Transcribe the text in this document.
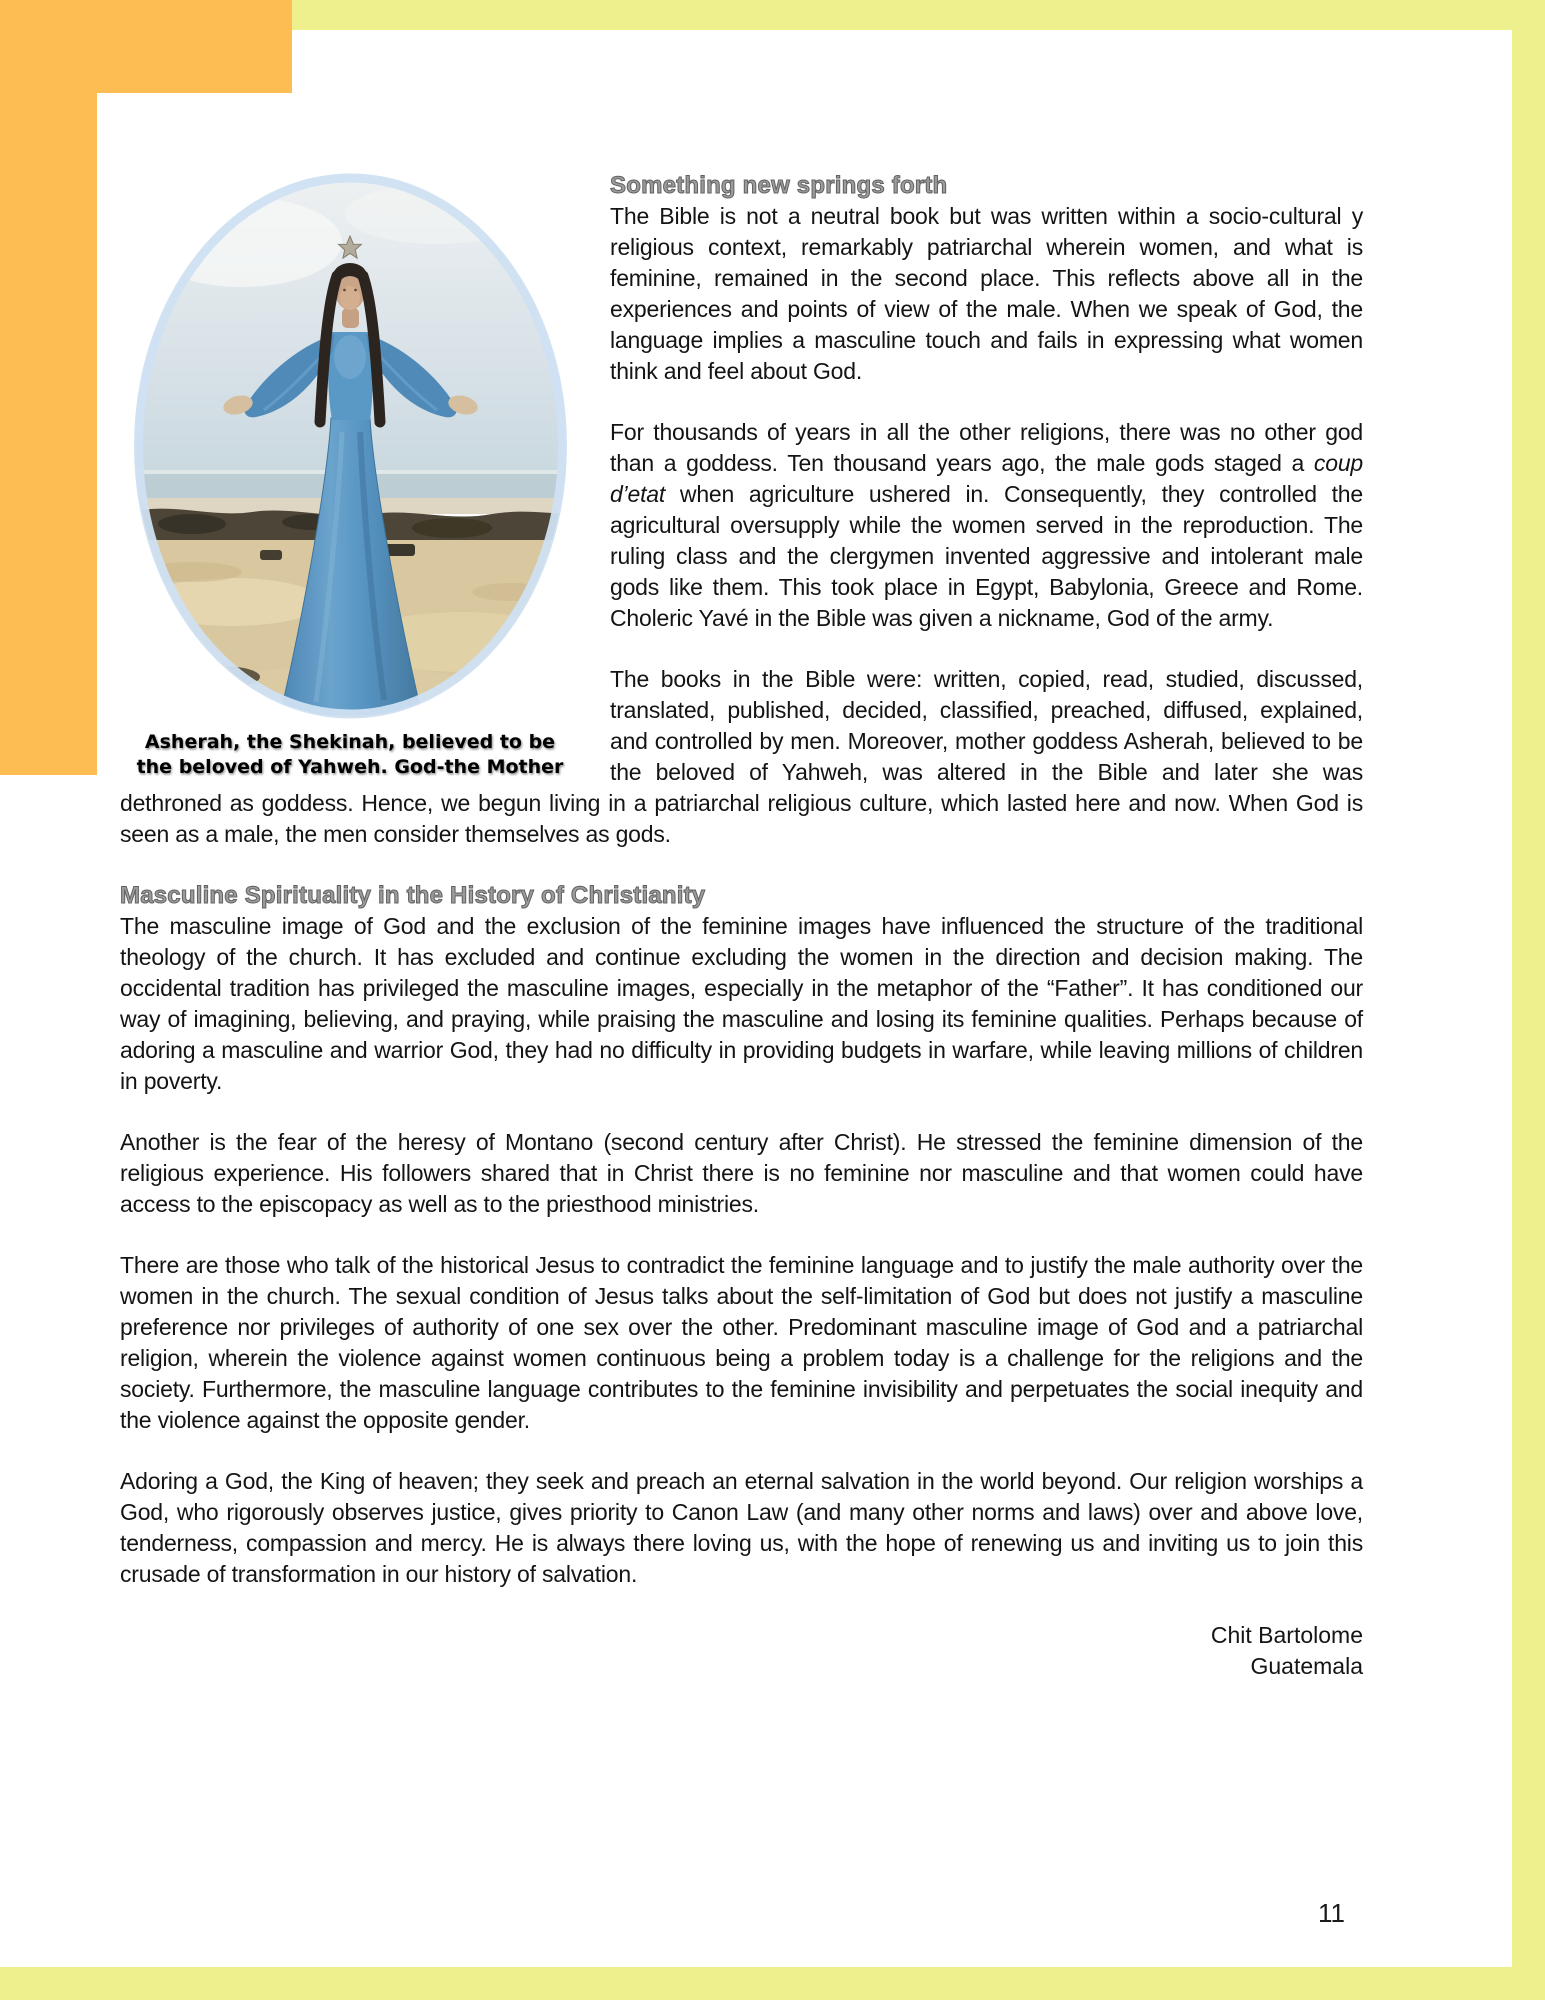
Asherah, the Shekinah, believed to be
the beloved of Yahweh. God-the Mother
Something new springs forth

The Bible is not a neutral book but was written within a socio-cultural y religious context, remarkably patriarchal wherein women, and what is feminine, remained in the second place. This reflects above all in the experiences and points of view of the male. When we speak of God, the language implies a masculine touch and fails in expressing what women think and feel about God.

For thousands of years in all the other religions, there was no other god than a goddess. Ten thousand years ago, the male gods staged a coup d’etat when agriculture ushered in. Consequently, they controlled the agricultural oversupply while the women served in the reproduction. The ruling class and the clergymen invented aggressive and intolerant male gods like them. This took place in Egypt, Babylonia, Greece and Rome. Choleric Yavé in the Bible was given a nickname, God of the army.

The books in the Bible were: written, copied, read, studied, discussed, translated, published, decided, classified, preached, diffused, explained, and controlled by men. Moreover, mother goddess Asherah, believed to be the beloved of Yahweh, was altered in the Bible and later she was dethroned as goddess. Hence, we begun living in a patriarchal religious culture, which lasted here and now. When God is seen as a male, the men consider themselves as gods.

Masculine Spirituality in the History of Christianity

The masculine image of God and the exclusion of the feminine images have influenced the structure of the traditional theology of the church. It has excluded and continue excluding the women in the direction and decision making. The occidental tradition has privileged the masculine images, especially in the metaphor of the “Father”. It has conditioned our way of imagining, believing, and praying, while praising the masculine and losing its feminine qualities. Perhaps because of adoring a masculine and warrior God, they had no difficulty in providing budgets in warfare, while leaving millions of children in poverty.

Another is the fear of the heresy of Montano (second century after Christ). He stressed the feminine dimension of the religious experience. His followers shared that in Christ there is no feminine nor masculine and that women could have access to the episcopacy as well as to the priesthood ministries.

There are those who talk of the historical Jesus to contradict the feminine language and to justify the male authority over the women in the church. The sexual condition of Jesus talks about the self-limitation of God but does not justify a masculine preference nor privileges of authority of one sex over the other. Predominant masculine image of God and a patriarchal religion, wherein the violence against women continuous being a problem today is a challenge for the religions and the society. Furthermore, the masculine language contributes to the feminine invisibility and perpetuates the social inequity and the violence against the opposite gender.

Adoring a God, the King of heaven; they seek and preach an eternal salvation in the world beyond. Our religion worships a God, who rigorously observes justice, gives priority to Canon Law (and many other norms and laws) over and above love, tenderness, compassion and mercy. He is always there loving us, with the hope of renewing us and inviting us to join this crusade of transformation in our history of salvation.

Chit Bartolome
Guatemala
11
